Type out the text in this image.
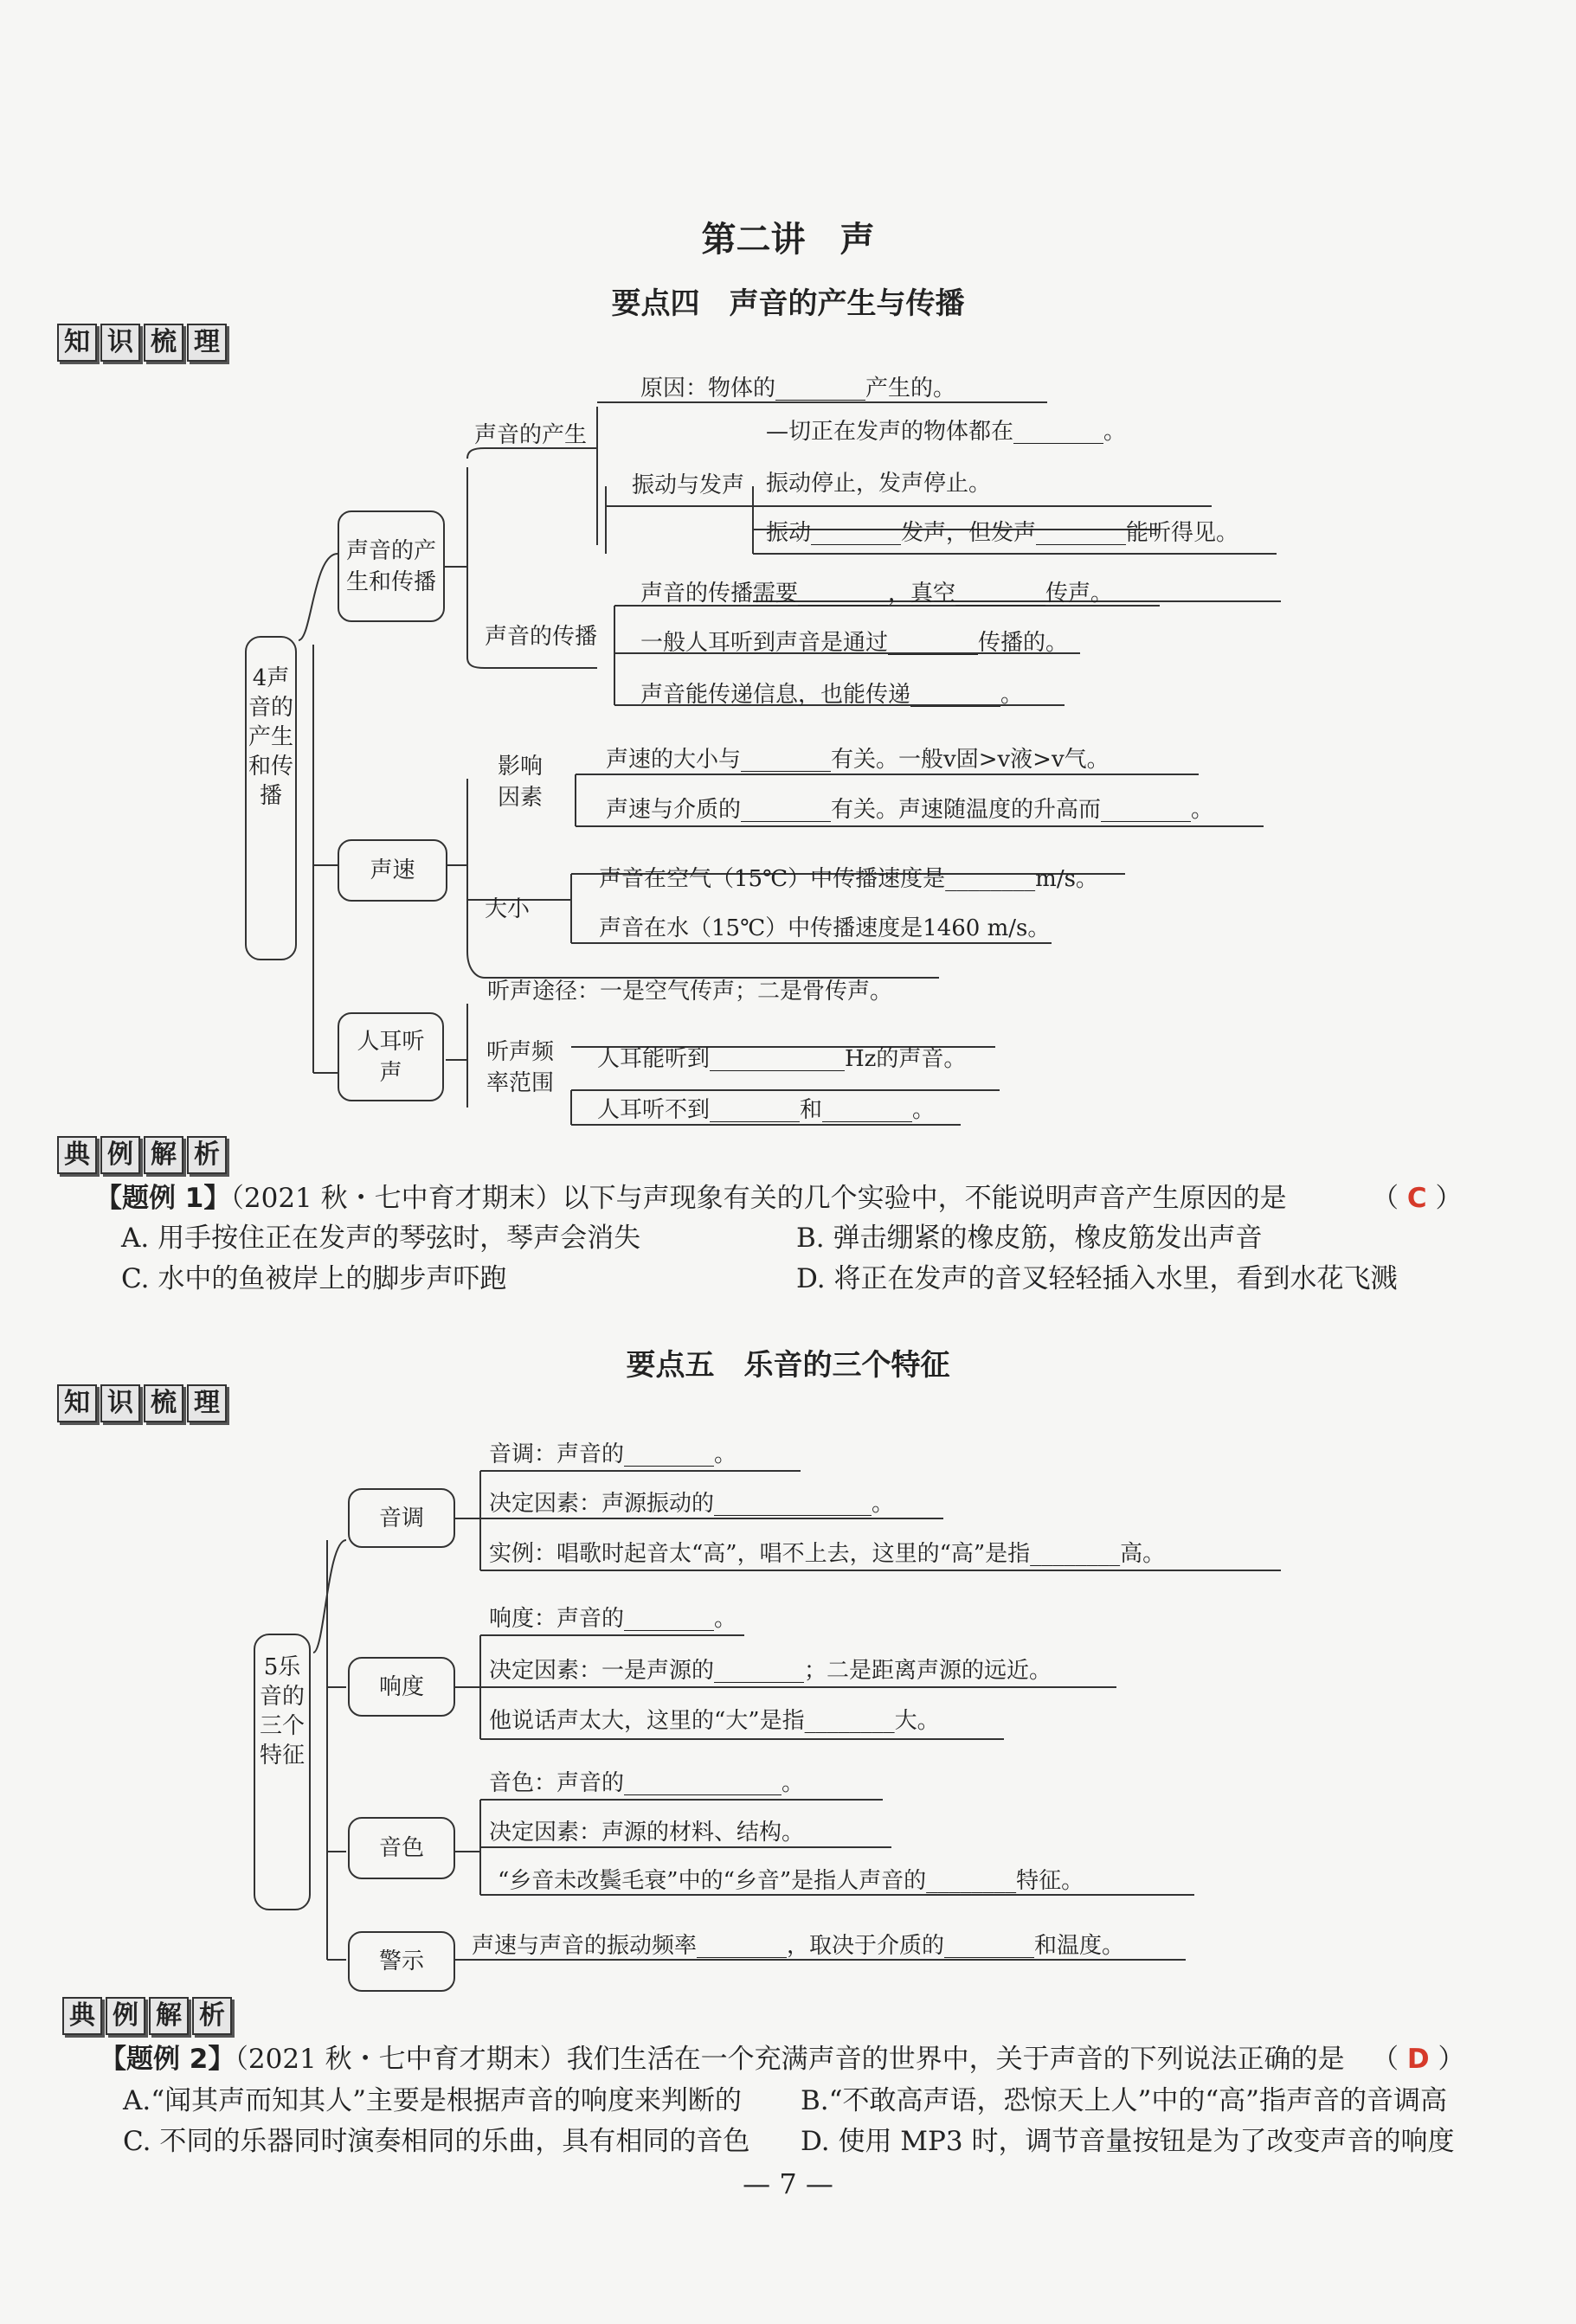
第二讲　声
要点四　声音的产生与传播
知 识 梳 理
4声音的产生和传播
声音的产生和传播
声速
人耳听声
声音的产生
振动与发声
声音的传播
影响因素
大小
听声频率范围
原因：物体的________产生的。
—切正在发声的物体都在________。
振动停止，发声停止。
振动________发声，但发声________能听得见。
声音的传播需要________，真空________传声。
一般人耳听到声音是通过________传播的。
声音能传递信息，也能传递________。
声速的大小与________有关。一般v固>v液>v气。
声速与介质的________有关。声速随温度的升高而________。
声音在空气（15℃）中传播速度是________m/s。
声音在水（15℃）中传播速度是1460 m/s。
听声途径：一是空气传声；二是骨传声。
人耳能听到____________Hz的声音。
人耳听不到________和________。
典 例 解 析
【题例 1】（2021 秋・七中育才期末）以下与声现象有关的几个实验中，不能说明声音产生原因的是	（ C ）
A. 用手按住正在发声的琴弦时，琴声会消失	B. 弹击绷紧的橡皮筋，橡皮筋发出声音
C. 水中的鱼被岸上的脚步声吓跑	D. 将正在发声的音叉轻轻插入水里，看到水花飞溅
要点五　乐音的三个特征
知 识 梳 理
5乐音的三个特征
音调
响度
音色
警示
音调：声音的________。
决定因素：声源振动的______________。
实例：唱歌时起音太“高”，唱不上去，这里的“高”是指________高。
响度：声音的________。
决定因素：一是声源的________；二是距离声源的远近。
他说话声太大，这里的“大”是指________大。
音色：声音的______________。
决定因素：声源的材料、结构。
“乡音未改鬓毛衰”中的“乡音”是指人声音的________特征。
声速与声音的振动频率________，取决于介质的________和温度。
典 例 解 析
【题例 2】（2021 秋・七中育才期末）我们生活在一个充满声音的世界中，关于声音的下列说法正确的是 （ D ）
A.“闻其声而知其人”主要是根据声音的响度来判断的 B.“不敢高声语，恐惊天上人”中的“高”指声音的音调高
C. 不同的乐器同时演奏相同的乐曲，具有相同的音色 D. 使用 MP3 时，调节音量按钮是为了改变声音的响度
— 7 —
